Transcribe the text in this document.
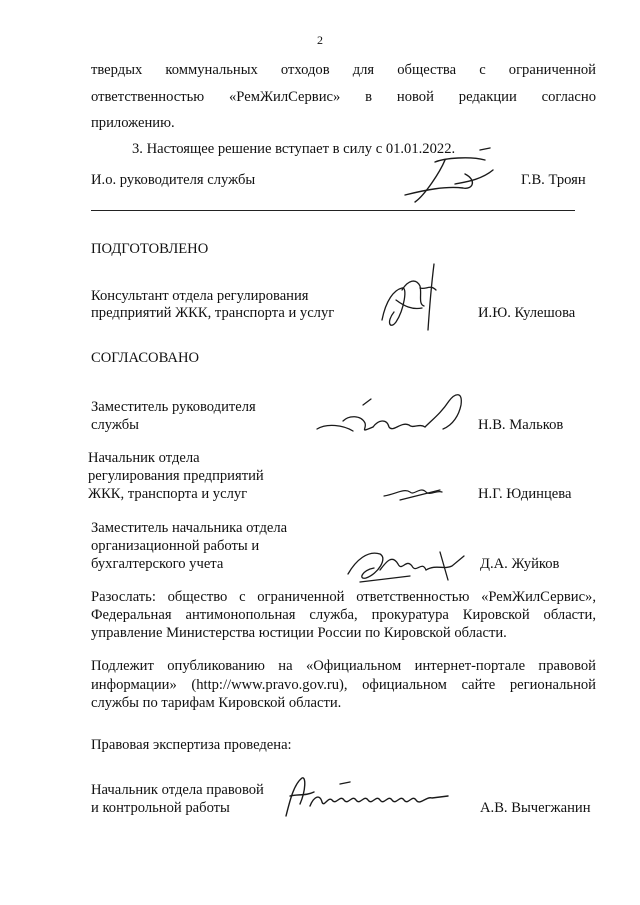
2
твердых коммунальных отходов для общества с ограниченной
ответственностью «РемЖилСервис» в новой редакции согласно
приложению.
3. Настоящее решение вступает в силу с 01.01.2022.
И.о. руководителя службы	Г.В. Троян
ПОДГОТОВЛЕНО
Консультант отдела регулирования
предприятий ЖКК, транспорта и услуг	И.Ю. Кулешова
СОГЛАСОВАНО
Заместитель руководителя
службы	Н.В. Мальков
Начальник отдела
регулирования предприятий
ЖКК, транспорта и услуг	Н.Г. Юдинцева
Заместитель начальника отдела
организационной работы и
бухгалтерского учета	Д.А. Жуйков
Разослать: общество с ограниченной ответственностью «РемЖилСервис»,
Федеральная антимонопольная служба, прокуратура Кировской области,
управление Министерства юстиции России по Кировской области.
Подлежит опубликованию на «Официальном интернет-портале правовой
информации» (http://www.pravo.gov.ru), официальном сайте региональной
службы по тарифам Кировской области.
Правовая экспертиза проведена:
Начальник отдела правовой
и контрольной работы	А.В. Вычегжанин
